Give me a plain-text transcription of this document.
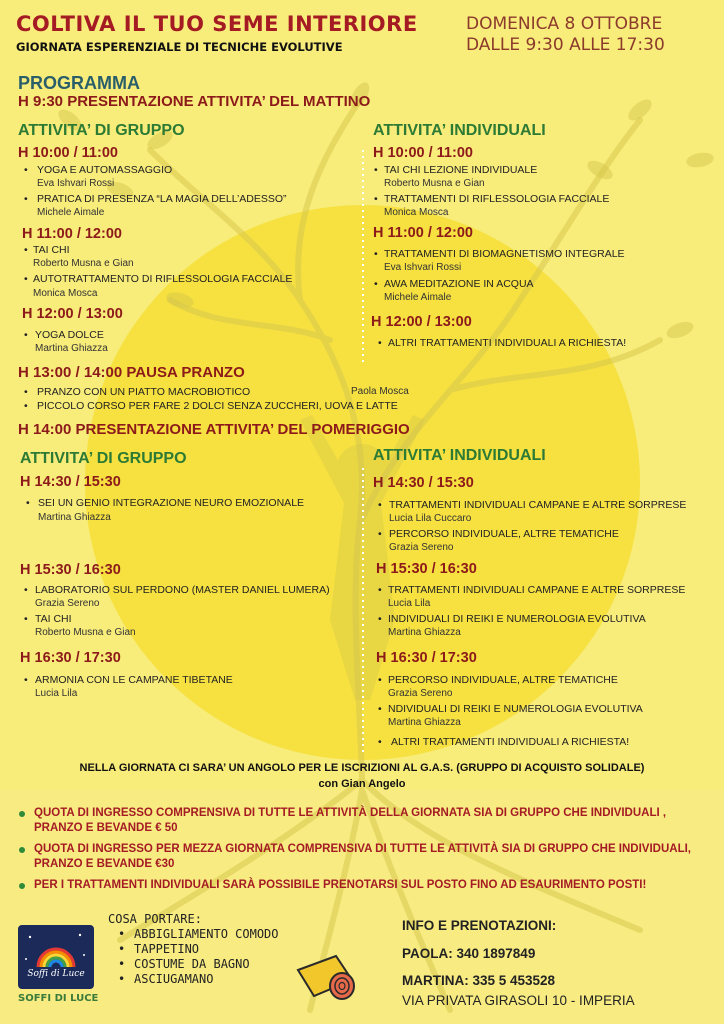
COLTIVA IL TUO SEME INTERIORE
GIORNATA ESPERENZIALE DI TECNICHE EVOLUTIVE
DOMENICA 8 OTTOBRE
DALLE 9:30 ALLE 17:30
PROGRAMMA
H 9:30 PRESENTAZIONE ATTIVITA’ DEL MATTINO
ATTIVITA’ DI GRUPPO	ATTIVITA’ INDIVIDUALI
H 10:00 / 11:00
• YOGA E AUTOMASSAGGIO
Eva Ishvari Rossi
• PRATICA DI PRESENZA “LA MAGIA DELL’ADESSO”
Michele Aimale
H 11:00 / 12:00
• TAI CHI
Roberto Musna e Gian
• AUTOTRATTAMENTO DI RIFLESSOLOGIA FACCIALE
Monica Mosca
H 12:00 / 13:00
• YOGA DOLCE
Martina Ghiazza
H 10:00 / 11:00
• TAI CHI LEZIONE INDIVIDUALE
Roberto Musna e Gian
• TRATTAMENTI DI RIFLESSOLOGIA FACCIALE
Monica Mosca
H 11:00 / 12:00
• TRATTAMENTI DI BIOMAGNETISMO INTEGRALE
Eva Ishvari Rossi
• AWA MEDITAZIONE IN ACQUA
Michele Aimale
H 12:00 / 13:00
• ALTRI TRATTAMENTI INDIVIDUALI A RICHIESTA!
H 13:00 / 14:00 PAUSA PRANZO
• PRANZO CON UN PIATTO MACROBIOTICO	Paola Mosca
• PICCOLO CORSO PER FARE 2 DOLCI SENZA ZUCCHERI, UOVA E LATTE
H 14:00 PRESENTAZIONE ATTIVITA’ DEL POMERIGGIO
ATTIVITA’ DI GRUPPO	ATTIVITA’ INDIVIDUALI
H 14:30 / 15:30
• SEI UN GENIO INTEGRAZIONE NEURO EMOZIONALE
Martina Ghiazza
H 15:30 / 16:30
• LABORATORIO SUL PERDONO (MASTER DANIEL LUMERA)
Grazia Sereno
• TAI CHI
Roberto Musna e Gian
H 16:30 / 17:30
• ARMONIA CON LE CAMPANE TIBETANE
Lucia Lila
H 14:30 / 15:30
• TRATTAMENTI INDIVIDUALI CAMPANE E ALTRE SORPRESE
Lucia Lila Cuccaro
• PERCORSO INDIVIDUALE, ALTRE TEMATICHE
Grazia Sereno
H 15:30 / 16:30
• TRATTAMENTI INDIVIDUALI CAMPANE E ALTRE SORPRESE
Lucia Lila
• INDIVIDUALI DI REIKI E NUMEROLOGIA EVOLUTIVA
Martina Ghiazza
H 16:30 / 17:30
• PERCORSO INDIVIDUALE, ALTRE TEMATICHE
Grazia Sereno
• NDIVIDUALI DI REIKI E NUMEROLOGIA EVOLUTIVA
Martina Ghiazza
• ALTRI TRATTAMENTI INDIVIDUALI A RICHIESTA!
NELLA GIORNATA CI SARA’ UN ANGOLO PER LE ISCRIZIONI AL G.A.S. (GRUPPO DI ACQUISTO SOLIDALE)
con Gian Angelo
QUOTA DI INGRESSO COMPRENSIVA DI TUTTE LE ATTIVITÀ DELLA GIORNATA SIA DI GRUPPO CHE INDIVIDUALI , PRANZO E BEVANDE € 50
QUOTA DI INGRESSO PER MEZZA GIORNATA COMPRENSIVA DI TUTTE LE ATTIVITÀ SIA DI GRUPPO CHE INDIVIDUALI, PRANZO E BEVANDE €30
PER I TRATTAMENTI INDIVIDUALI SARÀ POSSIBILE PRENOTARSI SUL POSTO FINO AD ESAURIMENTO POSTI!
Soffi di Luce
SOFFI DI LUCE
COSA PORTARE:
• ABBIGLIAMENTO COMODO
• TAPPETINO
• COSTUME DA BAGNO
• ASCIUGAMANO
INFO E PRENOTAZIONI:
PAOLA: 340 1897849
MARTINA: 335 5 453528
VIA PRIVATA GIRASOLI 10 - IMPERIA
